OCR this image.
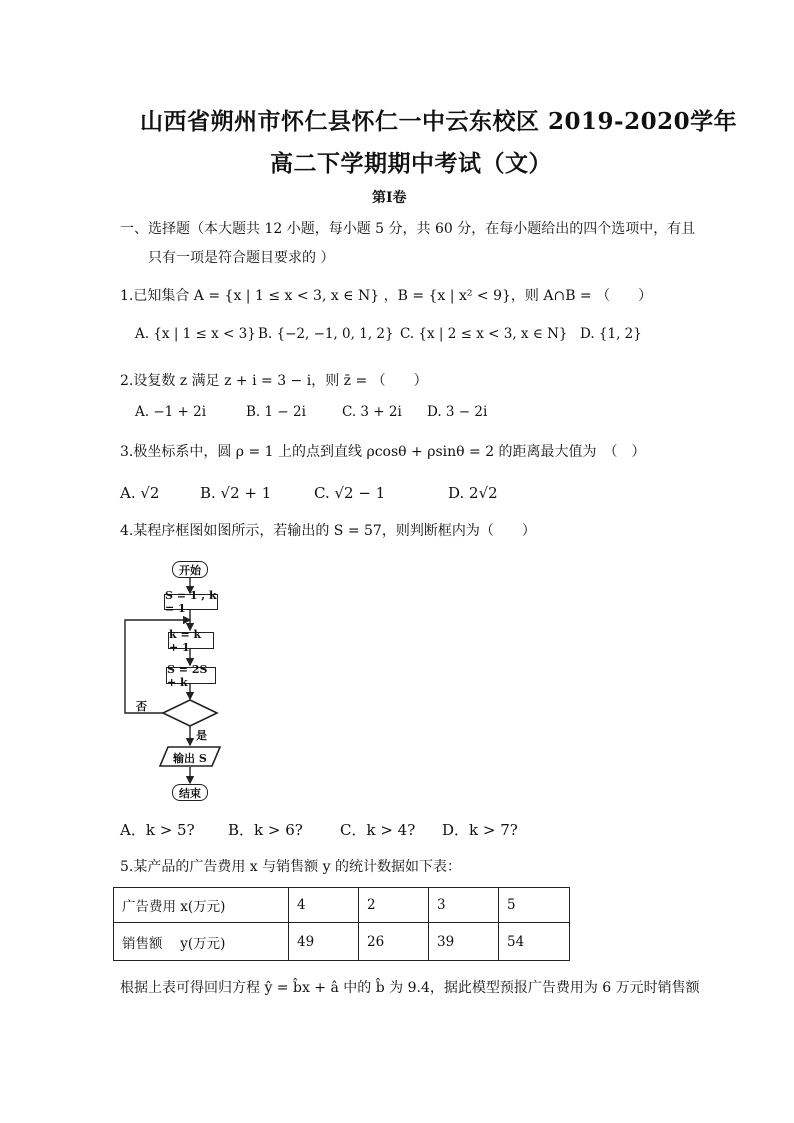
山西省朔州市怀仁县怀仁一中云东校区 2019-2020学年
高二下学期期中考试（文）
第Ⅰ卷
一、选择题（本大题共 12 小题，每小题 5 分，共 60 分，在每小题给出的四个选项中，有且
只有一项是符合题目要求的 ）
1.已知集合 A = {x | 1 ≤ x < 3, x ∈ N} ，B = {x | x² < 9}，则 A∩B = （　　）
A. {x | 1 ≤ x < 3} B. {−2, −1, 0, 1, 2} C. {x | 2 ≤ x < 3, x ∈ N} D. {1, 2}
2.设复数 z 满足 z + i = 3 − i，则 z̄ = （　　）
A. −1 + 2i	B. 1 − 2i	C. 3 + 2i D. 3 − 2i
3.极坐标系中，圆 ρ = 1 上的点到直线 ρcosθ + ρsinθ = 2 的距离最大值为　（　）
A. √2	B. √2 + 1	C. √2 − 1	D. 2√2
4.某程序框图如图所示，若输出的 S = 57，则判断框内为（　　）
开始
S = 1 , k = 1
k = k + 1
S = 2S + k
否
是
输出 S
结束
A．k > 5? B．k > 6? C．k > 4? D．k > 7?
5.某产品的广告费用 x 与销售额 y 的统计数据如下表：
广告费用 x(万元)	4	2	3	5
销售额　 y(万元)	49	26	39	54
根据上表可得回归方程 ŷ = b̂x + â 中的 b̂ 为 9.4，据此模型预报广告费用为 6 万元时销售额
